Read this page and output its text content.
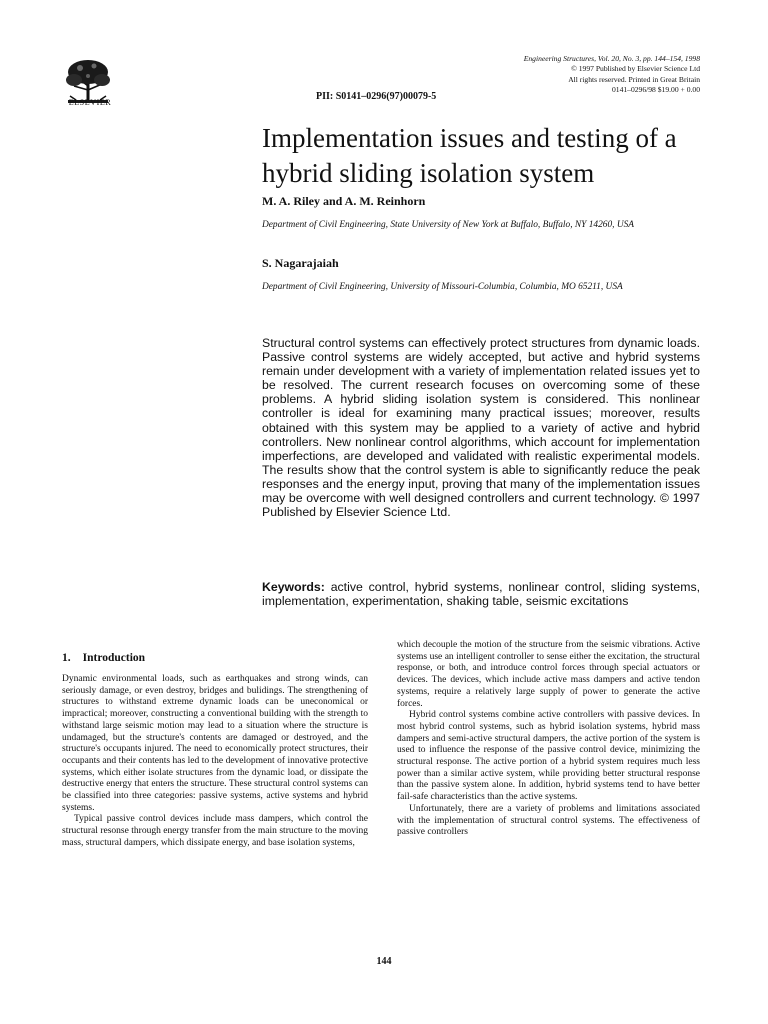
ELSEVIER
PII: S0141–0296(97)00079-5
Engineering Structures, Vol. 20, No. 3, pp. 144–154, 1998
© 1997 Published by Elsevier Science Ltd
All rights reserved. Printed in Great Britain
0141–0296/98 $19.00 + 0.00
Implementation issues and testing of a hybrid sliding isolation system

M. A. Riley and A. M. Reinhorn

Department of Civil Engineering, State University of New York at Buffalo, Buffalo, NY 14260, USA

S. Nagarajaiah

Department of Civil Engineering, University of Missouri-Columbia, Columbia, MO 65211, USA

Structural control systems can effectively protect structures from dynamic loads. Passive control systems are widely accepted, but active and hybrid systems remain under development with a variety of implementation related issues yet to be resolved. The current research focuses on overcoming some of these problems. A hybrid sliding isolation system is considered. This nonlinear controller is ideal for examining many practical issues; moreover, results obtained with this system may be applied to a variety of active and hybrid controllers. New nonlinear control algorithms, which account for implementation imperfections, are developed and validated with realistic experimental models. The results show that the control system is able to significantly reduce the peak responses and the energy input, proving that many of the implementation issues may be overcome with well designed controllers and current technology. © 1997 Published by Elsevier Science Ltd.

Keywords: active control, hybrid systems, nonlinear control, sliding systems, implementation, experimentation, shaking table, seismic excitations

1. Introduction

Dynamic environmental loads, such as earthquakes and strong winds, can seriously damage, or even destroy, bridges and bulidings. The strengthening of structures to withstand extreme dynamic loads can be uneconomical or impractical; moreover, constructing a conventional building with the strength to withstand large seismic motion may lead to a situation where the structure is undamaged, but the structure's contents are damaged or destroyed, and the structure's occupants injured. The need to economically protect structures, their occupants and their contents has led to the development of innovative protective systems, which either isolate structures from the dynamic load, or dissipate the destructive energy that enters the structure. These structural control systems can be classified into three categories: passive systems, active systems and hybrid systems.

Typical passive control devices include mass dampers, which control the structural resonse through energy transfer from the main structure to the moving mass, structural dampers, which dissipate energy, and base isolation systems,

which decouple the motion of the structure from the seismic vibrations. Active systems use an intelligent controller to sense either the excitation, the structural response, or both, and introduce control forces through special actuators or devices. The devices, which include active mass dampers and active tendon systems, require a relatively large supply of power to generate the active forces.

Hybrid control systems combine active controllers with passive devices. In most hybrid control systems, such as hybrid isolation systems, hybrid mass dampers and semi-active structural dampers, the active portion of the system is used to influence the response of the passive control device, minimizing the structural response. The active portion of a hybrid system requires much less power than a similar active system, while providing better structural response than the passive system alone. In addition, hybrid systems tend to have better fail-safe characteristics than the active systems.

Unfortunately, there are a variety of problems and limitations associated with the implementation of structural control systems. The effectiveness of passive controllers

144
